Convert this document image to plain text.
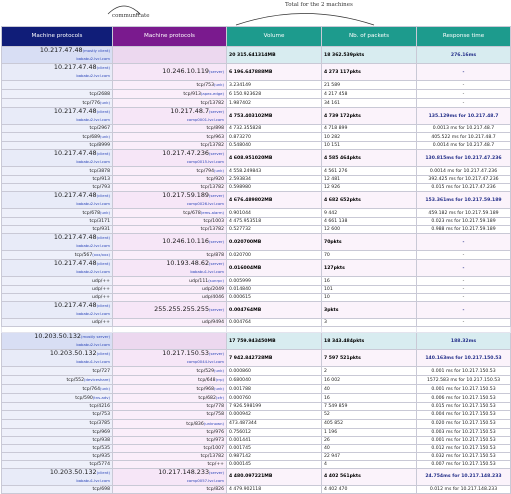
communicate
Total for the 2 machines
Machine protocols	Machine protocols	Volume	Nb. of packets	Response time
10.217.47.48(mostly client)
bababu2.lvcl.com		20 315.641314MB	18 362.539pkts	276.16ms
10.217.47.48(client)
bababu2.lvcl.com	10.246.10.119(server)	6 196.647888MB	4 273 117pkts	-
	tcp/753(unk)	3.234149	21 589	-
tcp/2688	tcp/913(apex-edge)	6 150.923628	4 217 458	-
tcp/776(unk)	tcp/13782	1.987402	34 161	-
10.217.47.48(client)
bababu2.lvcl.com	10.217.48.7(server)
comp0001.lvcl.com	4 753.403102MB	4 739 172pkts	135.129ms for 10.217.48.7
tcp/2967	tcp/898	4 732.355828	4 718 899	0.0013 ms for 10.217.48.7
tcp/689(unk)	tcp/963	0.873270	10 282	405.522 ms for 10.217.48.7
tcp/8999	tcp/13782	0.548040	10 151	0.0014 ms for 10.217.48.7
10.217.47.48(client)
bababu2.lvcl.com	10.217.47.236(server)
comp0015.lvcl.com	4 608.951020MB	4 585 464pkts	130.815ms for 10.217.47.236
tcp/3878	tcp/794(unk)	4 558.249843	4 561 276	0.0014 ms for 10.217.47.236
tcp/913	tcp/920	2.593834	12 481	392.425 ms for 10.217.47.236
tcp/793	tcp/13782	0.598980	12 926	0.015 ms for 10.217.47.236
10.217.47.48(client)
bababu2.lvcl.com	10.217.59.189(server)
comp0026.lvcl.com	4 676.489802MB	4 682 652pkts	153.361ms for 10.217.59.189
tcp/678(unk)	tcp/678(ems-alarm)	0.901044	9 442	459.182 ms for 10.217.59.189
tcp/3171	tcp/1003	4 475.953518	4 661 138	0.023 ms for 10.217.59.189
tcp/931	tcp/13782	0.527732	12 600	0.988 ms for 10.217.59.189
10.217.47.48(client)
bababu2.lvcl.com	10.246.10.116(server)	0.020700MB	70pkts	-
tcp/567(xxx/xxx)	tcp/878	0.020700	70	-
10.217.47.48(client)
bababu2.lvcl.com	10.193.48.62(server)
bababu1.lvcl.com	0.016004MB	127pkts	-
udp/++	udp/111(sunrpc)	0.005999	16	-
udp/++	udp/2049	0.014840	101	-
udp/++	udp/4046	0.000615	10	-
10.217.47.48(client)
bababu2.lvcl.com	255.255.255.255(server)	0.004764MB	3pkts	-
udp/++	udp/9494	0.004764	3	-

10.203.50.132(mostly server)
bababu2.lvcl.com		17 759.943450MB	18 343.484pkts	188.32ms
10.203.50.132(client)
bababu1.lvcl.com	10.217.150.53(server)
comp0044.lvcl.com	7 942.842728MB	7 597 521pkts	140.163ms for 10.217.150.53
tcp/727	tcp/529(unk)	0.000860	2	0.001 ms for 10.217.150.53
tcp/552(deviceshare)	tcp/648(rrp)	0.680040	16 002	1572.583 ms for 10.217.150.53
tcp/764(unk)	tcp/968(unk)	0.001788	40	0.001 ms for 10.217.150.53
tcp/590(tns-adv)	tcp/682(xfr)	0.000760	16	0.006 ms for 10.217.150.53
tcp/4216	tcp/778	7 926.598199	7 549 859	0.015 ms for 10.217.150.53
tcp/753	tcp/758	0.000942	52	0.004 ms for 10.217.150.53
tcp/3785	tcp/836(unknown)	473.487344	405 852	0.020 ms for 10.217.150.53
tcp/969	tcp/976	0.756012	1 196	0.003 ms for 10.217.150.53
tcp/938	tcp/973	0.001441	26	0.001 ms for 10.217.150.53
tcp/535	tcp/1007	0.001745	40	0.012 ms for 10.217.150.53
tcp/935	tcp/13782	0.987142	22 947	0.032 ms for 10.217.150.53
tcp/5774	tcp/++	0.000145	4	0.007 ms for 10.217.150.53
10.203.50.132(client)
bababu1.lvcl.com	10.217.148.233(server)
comp0057.lvcl.com	4 480.097221MB	4 402 561pkts	24.754ms for 10.217.148.233
tcp/698	tcp/826	4 479.902118	4 402 470	0.012 ms for 10.217.148.233
